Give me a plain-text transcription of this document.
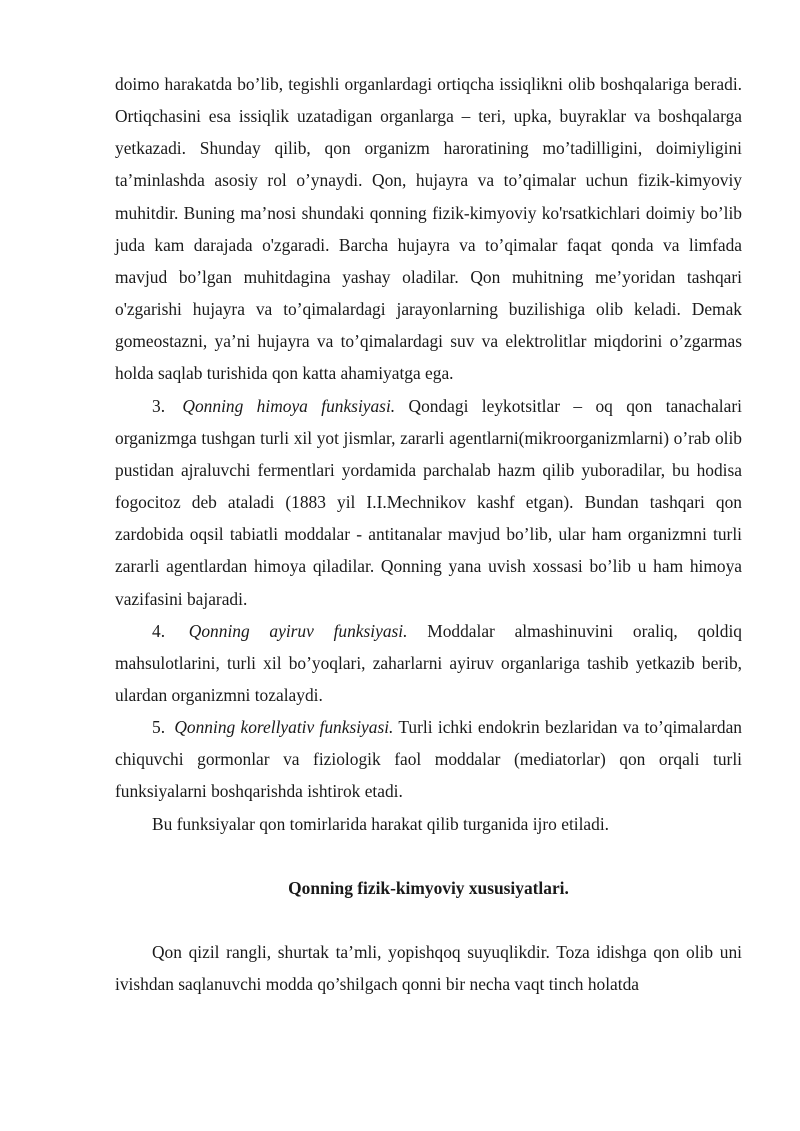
doimo harakatda bo’lib, tegishli organlardagi ortiqcha issiqlikni olib boshqalariga beradi. Ortiqchasini esa issiqlik uzatadigan organlarga – teri, upka, buyraklar va boshqalarga yetkazadi. Shunday qilib, qon organizm haroratining mo’tadilligini, doimiyligini ta’minlashda asosiy rol o’ynaydi. Qon, hujayra va to’qimalar uchun fizik-kimyoviy muhitdir. Buning ma’nosi shundaki qonning fizik-kimyoviy ko'rsatkichlari doimiy bo’lib juda kam darajada o'zgaradi. Barcha hujayra va to’qimalar faqat qonda va limfada mavjud bo’lgan muhitdagina yashay oladilar. Qon muhitning me’yoridan tashqari o'zgarishi hujayra va to’qimalardagi jarayonlarning buzilishiga olib keladi. Demak gomeostazni, ya’ni hujayra va to’qimalardagi suv va elektrolitlar miqdorini o’zgarmas holda saqlab turishida qon katta ahamiyatga ega.

3. Qonning himoya funksiyasi. Qondagi leykotsitlar – oq qon tanachalari organizmga tushgan turli xil yot jismlar, zararli agentlarni(mikroorganizmlarni) o’rab olib pustidan ajraluvchi fermentlari yordamida parchalab hazm qilib yuboradilar, bu hodisa fogocitoz deb ataladi (1883 yil I.I.Mechnikov kashf etgan). Bundan tashqari qon zardobida oqsil tabiatli moddalar - antitanalar mavjud bo’lib, ular ham organizmni turli zararli agentlardan himoya qiladilar. Qonning yana uvish xossasi bo’lib u ham himoya vazifasini bajaradi.

4. Qonning ayiruv funksiyasi. Moddalar almashinuvini oraliq, qoldiq mahsulotlarini, turli xil bo’yoqlari, zaharlarni ayiruv organlariga tashib yetkazib berib, ulardan organizmni tozalaydi.

5. Qonning korellyativ funksiyasi. Turli ichki endokrin bezlaridan va to’qimalardan chiquvchi gormonlar va fiziologik faol moddalar (mediatorlar) qon orqali turli funksiyalarni boshqarishda ishtirok etadi.

Bu funksiyalar qon tomirlarida harakat qilib turganida ijro etiladi.

Qonning fizik-kimyoviy xususiyatlari.

Qon qizil rangli, shurtak ta’mli, yopishqoq suyuqlikdir. Toza idishga qon olib uni ivishdan saqlanuvchi modda qo’shilgach qonni bir necha vaqt tinch holatda
